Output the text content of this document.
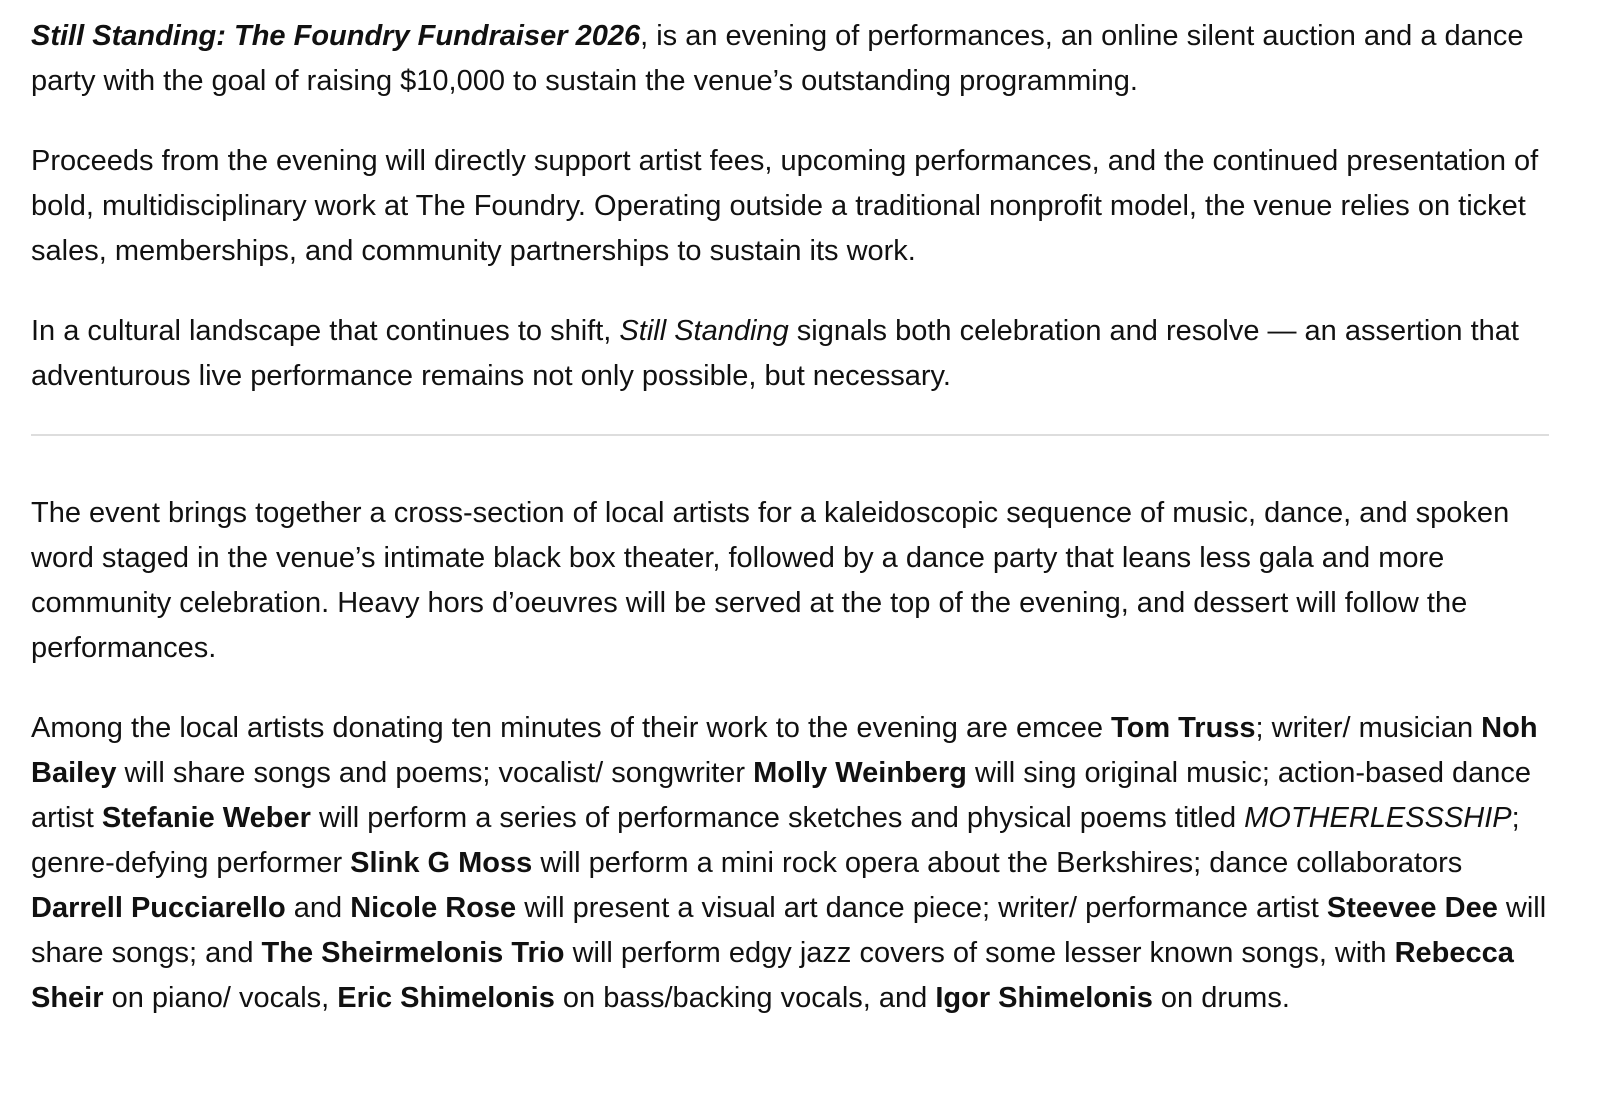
Still Standing: The Foundry Fundraiser 2026, is an evening of performances, an online silent auction and a dance party with the goal of raising $10,000 to sustain the venue’s outstanding programming.

Proceeds from the evening will directly support artist fees, upcoming performances, and the continued presentation of bold, multidisciplinary work at The Foundry. Operating outside a traditional nonprofit model, the venue relies on ticket sales, memberships, and community partnerships to sustain its work.

In a cultural landscape that continues to shift, Still Standing signals both celebration and resolve — an assertion that adventurous live performance remains not only possible, but necessary.

The event brings together a cross-section of local artists for a kaleidoscopic sequence of music, dance, and spoken word staged in the venue’s intimate black box theater, followed by a dance party that leans less gala and more community celebration. Heavy hors d’oeuvres will be served at the top of the evening, and dessert will follow the performances.

Among the local artists donating ten minutes of their work to the evening are emcee Tom Truss; writer/ musician Noh Bailey will share songs and poems; vocalist/ songwriter Molly Weinberg will sing original music; action-based dance artist Stefanie Weber will perform a series of performance sketches and physical poems titled MOTHERLESSSHIP; genre-defying performer Slink G Moss will perform a mini rock opera about the Berkshires; dance collaborators Darrell Pucciarello and Nicole Rose will present a visual art dance piece; writer/ performance artist Steevee Dee will share songs; and The Sheirmelonis Trio will perform edgy jazz covers of some lesser known songs, with Rebecca Sheir on piano/ vocals, Eric Shimelonis on bass/backing vocals, and Igor Shimelonis on drums.
